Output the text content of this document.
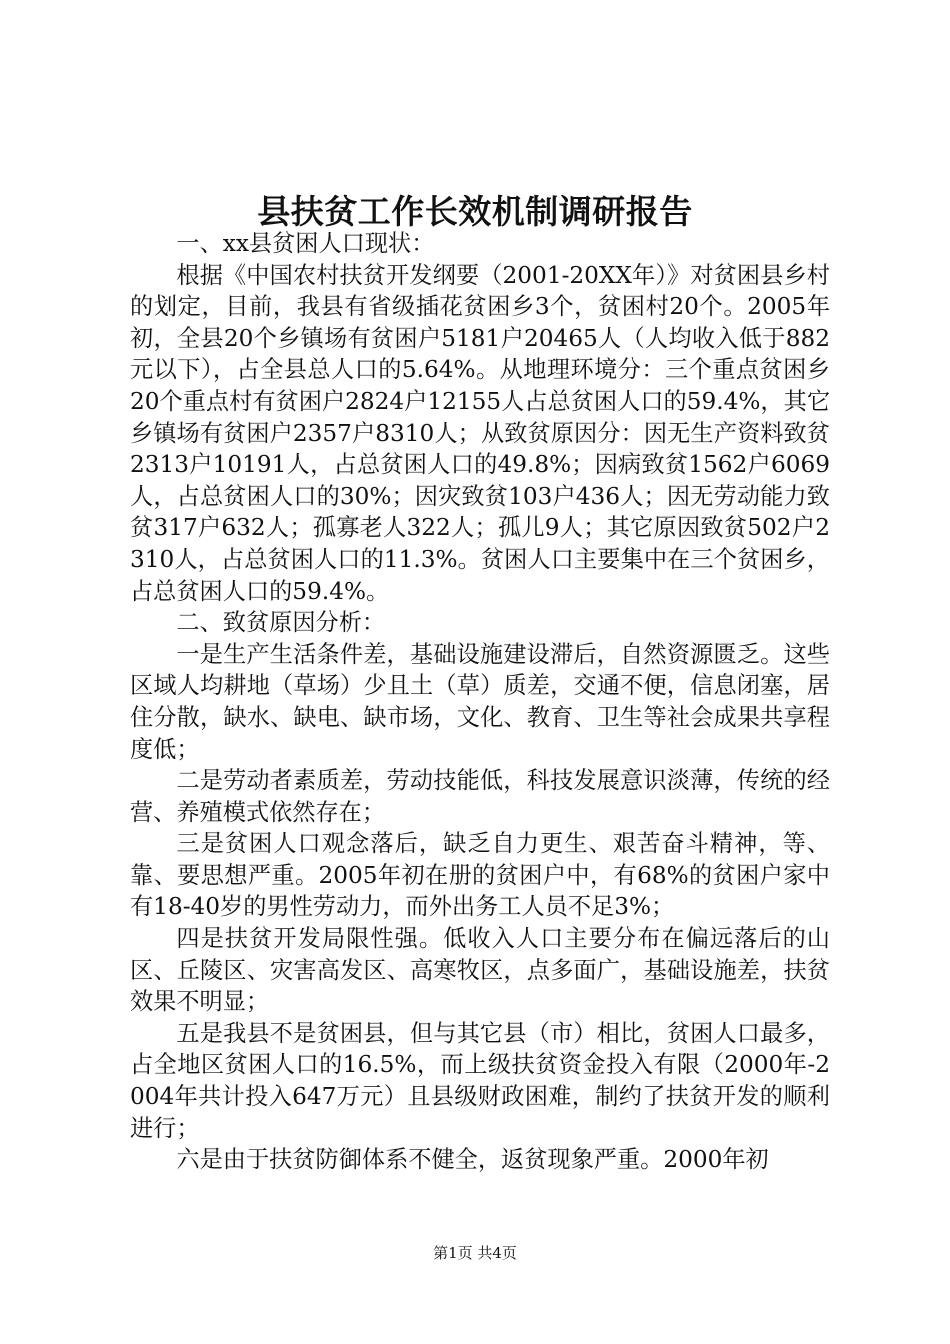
县扶贫工作长效机制调研报告

一、xx县贫困人口现状：

根据《中国农村扶贫开发纲要（2001-20XX年）》对贫困县乡村的划定，目前，我县有省级插花贫困乡3个，贫困村20个。2005年初，全县20个乡镇场有贫困户5181户20465人（人均收入低于882元以下），占全县总人口的5.64%。从地理环境分：三个重点贫困乡20个重点村有贫困户2824户12155人占总贫困人口的59.4%，其它乡镇场有贫困户2357户8310人；从致贫原因分：因无生产资料致贫2313户10191人，占总贫困人口的49.8%；因病致贫1562户6069人，占总贫困人口的30%；因灾致贫103户436人；因无劳动能力致贫317户632人；孤寡老人322人；孤儿9人；其它原因致贫502户2310人，占总贫困人口的11.3%。贫困人口主要集中在三个贫困乡，占总贫困人口的59.4%。

二、致贫原因分析：

一是生产生活条件差，基础设施建设滞后，自然资源匮乏。这些区域人均耕地（草场）少且土（草）质差，交通不便，信息闭塞，居住分散，缺水、缺电、缺市场，文化、教育、卫生等社会成果共享程度低；

二是劳动者素质差，劳动技能低，科技发展意识淡薄，传统的经营、养殖模式依然存在；

三是贫困人口观念落后，缺乏自力更生、艰苦奋斗精神，等、靠、要思想严重。2005年初在册的贫困户中，有68%的贫困户家中有18-40岁的男性劳动力，而外出务工人员不足3%；

四是扶贫开发局限性强。低收入人口主要分布在偏远落后的山区、丘陵区、灾害高发区、高寒牧区，点多面广，基础设施差，扶贫效果不明显；

五是我县不是贫困县，但与其它县（市）相比，贫困人口最多，占全地区贫困人口的16.5%，而上级扶贫资金投入有限（2000年-2004年共计投入647万元）且县级财政困难，制约了扶贫开发的顺利进行；

六是由于扶贫防御体系不健全，返贫现象严重。2000年初

第1页 共4页
